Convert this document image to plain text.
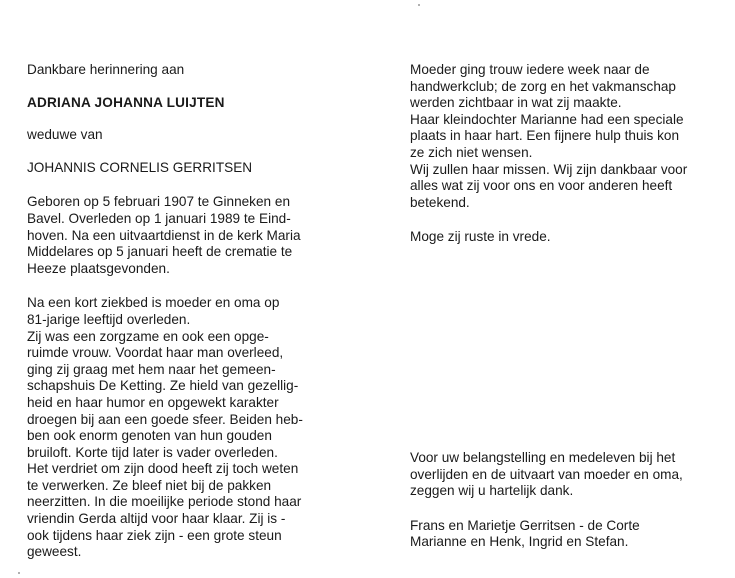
Dankbare herinnering aan
ADRIANA JOHANNA LUIJTEN
weduwe van
JOHANNIS CORNELIS GERRITSEN
Geboren op 5 februari 1907 te Ginneken en
Bavel. Overleden op 1 januari 1989 te Eind-
hoven. Na een uitvaartdienst in de kerk Maria
Middelares op 5 januari heeft de crematie te
Heeze plaatsgevonden.
Na een kort ziekbed is moeder en oma op
81-jarige leeftijd overleden.
Zij was een zorgzame en ook een opge-
ruimde vrouw. Voordat haar man overleed,
ging zij graag met hem naar het gemeen-
schapshuis De Ketting. Ze hield van gezellig-
heid en haar humor en opgewekt karakter
droegen bij aan een goede sfeer. Beiden heb-
ben ook enorm genoten van hun gouden
bruiloft. Korte tijd later is vader overleden.
Het verdriet om zijn dood heeft zij toch weten
te verwerken. Ze bleef niet bij de pakken
neerzitten. In die moeilijke periode stond haar
vriendin Gerda altijd voor haar klaar. Zij is -
ook tijdens haar ziek zijn - een grote steun
geweest.
Moeder ging trouw iedere week naar de
handwerkclub; de zorg en het vakmanschap
werden zichtbaar in wat zij maakte.
Haar kleindochter Marianne had een speciale
plaats in haar hart. Een fijnere hulp thuis kon
ze zich niet wensen.
Wij zullen haar missen. Wij zijn dankbaar voor
alles wat zij voor ons en voor anderen heeft
betekend.
Moge zij ruste in vrede.
Voor uw belangstelling en medeleven bij het
overlijden en de uitvaart van moeder en oma,
zeggen wij u hartelijk dank.
Frans en Marietje Gerritsen - de Corte
Marianne en Henk, Ingrid en Stefan.
